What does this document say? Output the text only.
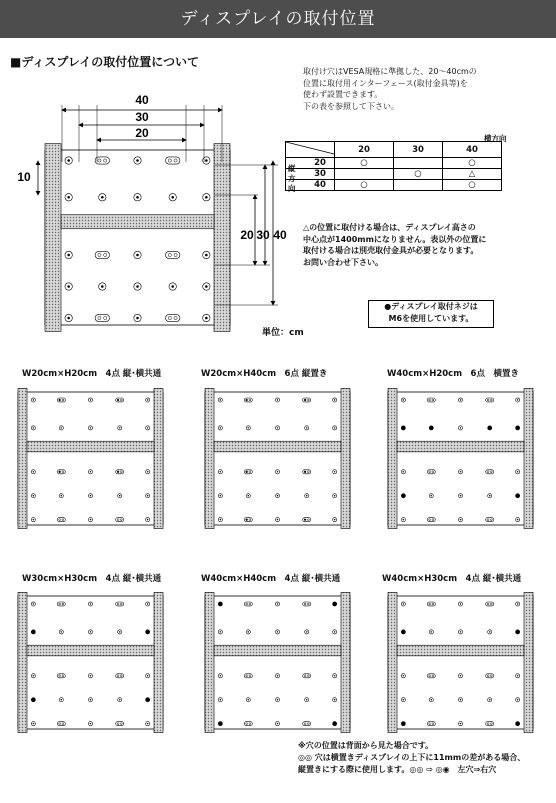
ディスプレイの取付位置
■ディスプレイの取付位置について
40
30
20
10
20 30 40
取付け穴はVESA規格に準拠した、20～40cmの
位置に取付用インターフェース(取付金具等)を
使わず設置できます。
下の表を参照して下さい。
横方向
縦方向
	20	30	40
20	○		○
30		○	△
40	○		○
△の位置に取付ける場合は、ディスプレイ高さの
中心点が1400mmになりません。表以外の位置に
取付ける場合は別売取付金具が必要となります。
お問い合わせ下さい。
●ディスプレイ取付ネジは
M6を使用しています。
単位：cm
W20cm×H20cm　4点 縦･横共通	W20cm×H40cm　6点 縦置き	W40cm×H20cm　6点　横置き
W30cm×H30cm　4点 縦･横共通	W40cm×H40cm　4点 縦･横共通	W40cm×H30cm　4点 縦･横共通
※穴の位置は背面から見た場合です。
◎◎ 穴は横置きディスプレイの上下に11mmの差がある場合、
縦置きにする際に使用します。◎◎ ⇨ ◎◉　左穴⇒右穴
